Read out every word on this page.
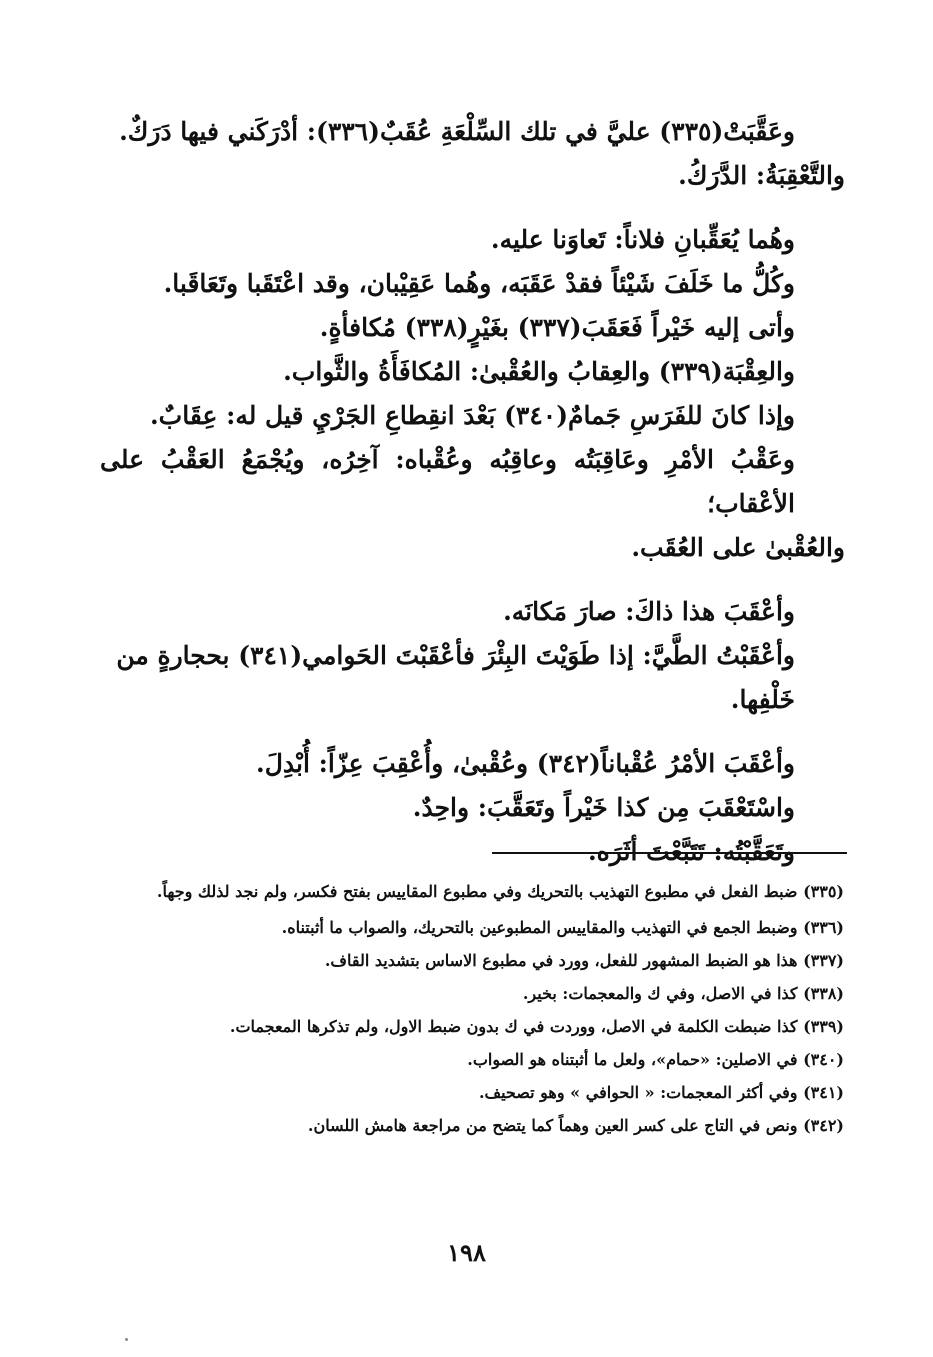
وعَقَّبَتْ(٣٣٥) عليَّ في تلك السِّلْعَةِ عُقَبٌ(٣٣٦): أدْرَكَني فيها دَرَكٌ.

والتَّعْقِبَةُ: الدَّرَكُ.

وهُما يُعَقِّبانِ فلاناً: تَعاوَنا عليه.

وكُلُّ ما خَلَفَ شَيْئاً فقدْ عَقَبَه، وهُما عَقِيْبان، وقد اعْتَقَبا وتَعَاقَبا.

وأتى إليه خَيْراً فَعَقَبَ(٣٣٧) بغَيْرٍ(٣٣٨) مُكافأةٍ.

والعِقْبَة(٣٣٩) والعِقابُ والعُقْبىٰ: المُكافَأَةُ والثَّواب.

وإذا كانَ للفَرَسِ جَمامٌ(٣٤٠) بَعْدَ انقِطاعِ الجَرْيِ قيل له: عِقَابٌ.

وعَقْبُ الأمْرِ وعَاقِبَتُه وعاقِبُه وعُقْباه: آخِرُه، ويُجْمَعُ العَقْبُ على الأعْقاب؛

والعُقْبىٰ على العُقَب.

وأعْقَبَ هذا ذاكَ: صارَ مَكانَه.

وأعْقَبْتُ الطَّيَّ: إذا طَوَيْتَ البِئْرَ فأعْقَبْتَ الحَوامي(٣٤١) بحجارةٍ من خَلْفِها.

وأعْقَبَ الأمْرُ عُقْباناً(٣٤٢) وعُقْبىٰ، وأُعْقِبَ عِزّاً: أُبْدِلَ.

واسْتَعْقَبَ مِن كذا خَيْراً وتَعَقَّبَ: واحِدٌ.

وتَعَقَّبْتُه: تَتَبَّعْتَ أثَرَه.

(٣٣٥) ضبط الفعل في مطبوع التهذيب بالتحريك وفي مطبوع المقاييس بفتح فكسر، ولم نجد لذلك وجهاً.

(٣٣٦) وضبط الجمع في التهذيب والمقاييس المطبوعين بالتحريك، والصواب ما أثبتناه.

(٣٣٧) هذا هو الضبط المشهور للفعل، وورد في مطبوع الاساس بتشديد القاف.

(٣٣٨) كذا في الاصل، وفي ك والمعجمات: بخير.

(٣٣٩) كذا ضبطت الكلمة في الاصل، ووردت في ك بدون ضبط الاول، ولم تذكرها المعجمات.

(٣٤٠) في الاصلين: «حمام»، ولعل ما أثبتناه هو الصواب.

(٣٤١) وفي أكثر المعجمات: « الحوافي » وهو تصحيف.

(٣٤٢) ونص في التاج على كسر العين وهماً كما يتضح من مراجعة هامش اللسان.

١٩٨
